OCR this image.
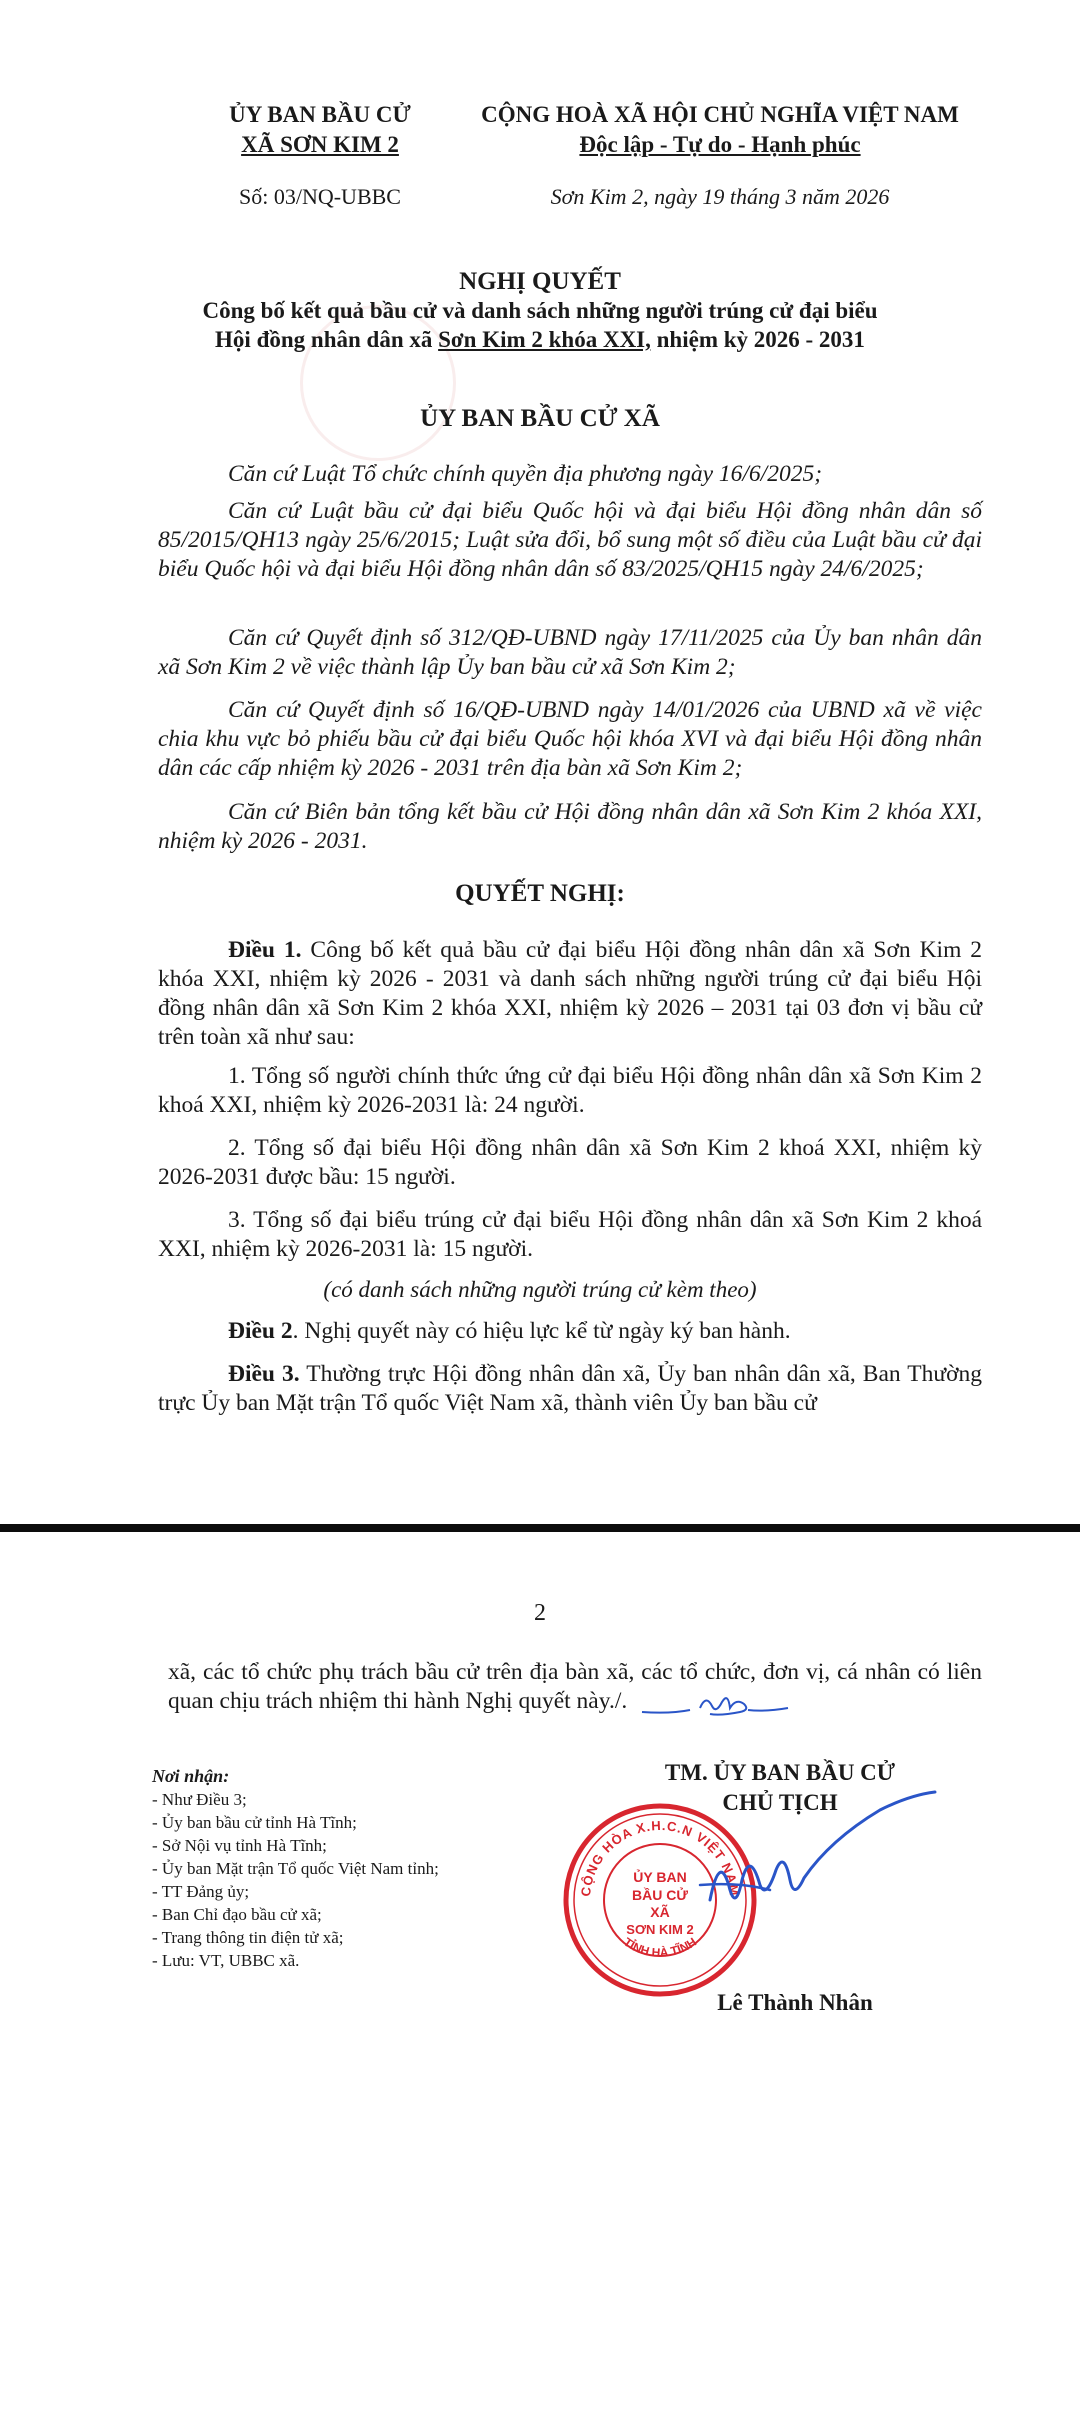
ỦY BAN BẦU CỬ
XÃ SƠN KIM 2
CỘNG HOÀ XÃ HỘI CHỦ NGHĨA VIỆT NAM
Độc lập - Tự do - Hạnh phúc
Số: 03/NQ-UBBC	Sơn Kim 2, ngày 19 tháng 3 năm 2026
NGHỊ QUYẾT
Công bố kết quả bầu cử và danh sách những người trúng cử đại biểu
Hội đồng nhân dân xã Sơn Kim 2 khóa XXI, nhiệm kỳ 2026 - 2031
ỦY BAN BẦU CỬ XÃ
Căn cứ Luật Tổ chức chính quyền địa phương ngày 16/6/2025;
Căn cứ Luật bầu cử đại biểu Quốc hội và đại biểu Hội đồng nhân dân số 85/2015/QH13 ngày 25/6/2015; Luật sửa đổi, bổ sung một số điều của Luật bầu cử đại biểu Quốc hội và đại biểu Hội đồng nhân dân số 83/2025/QH15 ngày 24/6/2025;
Căn cứ Quyết định số 312/QĐ-UBND ngày 17/11/2025 của Ủy ban nhân dân xã Sơn Kim 2 về việc thành lập Ủy ban bầu cử xã Sơn Kim 2;
Căn cứ Quyết định số 16/QĐ-UBND ngày 14/01/2026 của UBND xã về việc chia khu vực bỏ phiếu bầu cử đại biểu Quốc hội khóa XVI và đại biểu Hội đồng nhân dân các cấp nhiệm kỳ 2026 - 2031 trên địa bàn xã Sơn Kim 2;
Căn cứ Biên bản tổng kết bầu cử Hội đồng nhân dân xã Sơn Kim 2 khóa XXI, nhiệm kỳ 2026 - 2031.
QUYẾT NGHỊ:
Điều 1. Công bố kết quả bầu cử đại biểu Hội đồng nhân dân xã Sơn Kim 2 khóa XXI, nhiệm kỳ 2026 - 2031 và danh sách những người trúng cử đại biểu Hội đồng nhân dân xã Sơn Kim 2 khóa XXI, nhiệm kỳ 2026 – 2031 tại 03 đơn vị bầu cử trên toàn xã như sau:
1. Tổng số người chính thức ứng cử đại biểu Hội đồng nhân dân xã Sơn Kim 2 khoá XXI, nhiệm kỳ 2026-2031 là: 24 người.
2. Tổng số đại biểu Hội đồng nhân dân xã Sơn Kim 2 khoá XXI, nhiệm kỳ 2026-2031 được bầu: 15 người.
3. Tổng số đại biểu trúng cử đại biểu Hội đồng nhân dân xã Sơn Kim 2 khoá XXI, nhiệm kỳ 2026-2031 là: 15 người.
(có danh sách những người trúng cử kèm theo)
Điều 2. Nghị quyết này có hiệu lực kể từ ngày ký ban hành.
Điều 3. Thường trực Hội đồng nhân dân xã, Ủy ban nhân dân xã, Ban Thường trực Ủy ban Mặt trận Tổ quốc Việt Nam xã, thành viên Ủy ban bầu cử
2
xã, các tổ chức phụ trách bầu cử trên địa bàn xã, các tổ chức, đơn vị, cá nhân có liên quan chịu trách nhiệm thi hành Nghị quyết này./.
Nơi nhận:
- Như Điều 3;
- Ủy ban bầu cử tỉnh Hà Tĩnh;
- Sở Nội vụ tỉnh Hà Tĩnh;
- Ủy ban Mặt trận Tổ quốc Việt Nam tỉnh;
- TT Đảng ủy;
- Ban Chỉ đạo bầu cử xã;
- Trang thông tin điện tử xã;
- Lưu: VT, UBBC xã.
TM. ỦY BAN BẦU CỬ
CHỦ TỊCH
CỘNG HÒA X.H.C.N VIỆT NAM
TỈNH HÀ TĨNH
ỦY BAN
BẦU CỬ
XÃ
SƠN KIM 2
Lê Thành Nhân
